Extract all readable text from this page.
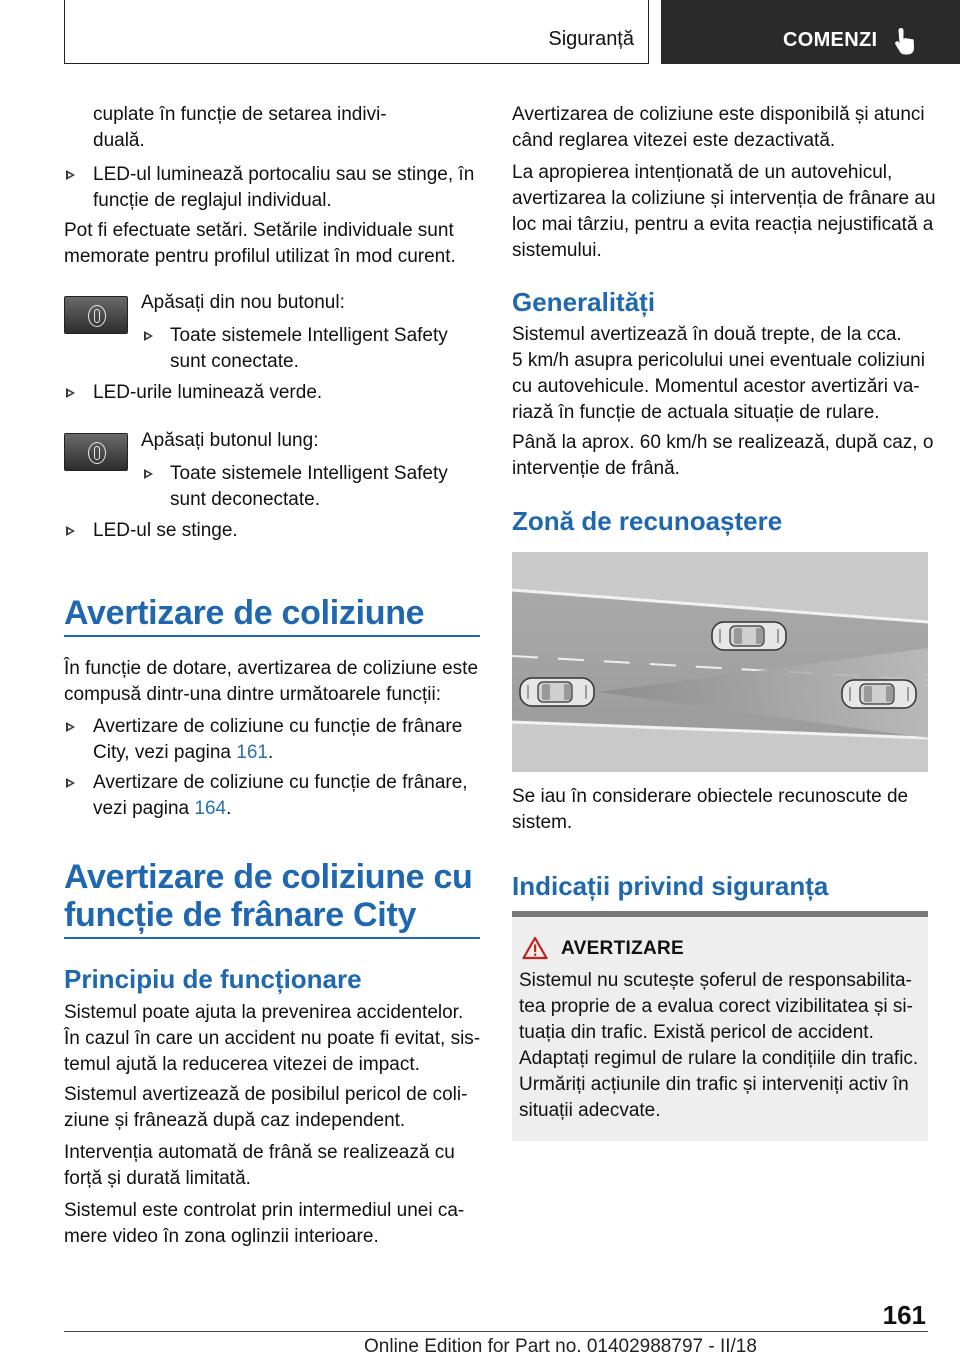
Siguranță	COMENZI
cuplate în funcție de setarea indivi-
duală.
LED-ul luminează portocaliu sau se stinge, în
funcție de reglajul individual.
Pot fi efectuate setări. Setările individuale sunt
memorate pentru profilul utilizat în mod curent.
Apăsați din nou butonul:
Toate sistemele Intelligent Safety
sunt conectate.
LED-urile luminează verde.
Apăsați butonul lung:
Toate sistemele Intelligent Safety
sunt deconectate.
LED-ul se stinge.
Avertizare de coliziune
În funcție de dotare, avertizarea de coliziune este
compusă dintr-una dintre următoarele funcții:
Avertizare de coliziune cu funcție de frânare
City, vezi pagina 161.
Avertizare de coliziune cu funcție de frânare,
vezi pagina 164.
Avertizare de coliziune cu
funcție de frânare City
Principiu de funcționare
Sistemul poate ajuta la prevenirea accidentelor.
În cazul în care un accident nu poate fi evitat, sis-
temul ajută la reducerea vitezei de impact.
Sistemul avertizează de posibilul pericol de coli-
ziune și frânează după caz independent.
Intervenția automată de frână se realizează cu
forță și durată limitată.
Sistemul este controlat prin intermediul unei ca-
mere video în zona oglinzii interioare.
Avertizarea de coliziune este disponibilă și atunci
când reglarea vitezei este dezactivată.
La apropierea intenționată de un autovehicul,
avertizarea la coliziune și intervenția de frânare au
loc mai târziu, pentru a evita reacția nejustificată a
sistemului.
Generalități
Sistemul avertizează în două trepte, de la cca.
5 km/h asupra pericolului unei eventuale coliziuni
cu autovehicule. Momentul acestor avertizări va-
riază în funcție de actuala situație de rulare.
Până la aprox. 60 km/h se realizează, după caz, o
intervenție de frână.
Zonă de recunoaștere
Se iau în considerare obiectele recunoscute de
sistem.
Indicații privind siguranța
AVERTIZARE
Sistemul nu scutește șoferul de responsabilita-
tea proprie de a evalua corect vizibilitatea și si-
tuația din trafic. Există pericol de accident.
Adaptați regimul de rulare la condițiile din trafic.
Urmăriți acțiunile din trafic și interveniți activ în
situații adecvate.
161
Online Edition for Part no. 01402988797 - II/18
